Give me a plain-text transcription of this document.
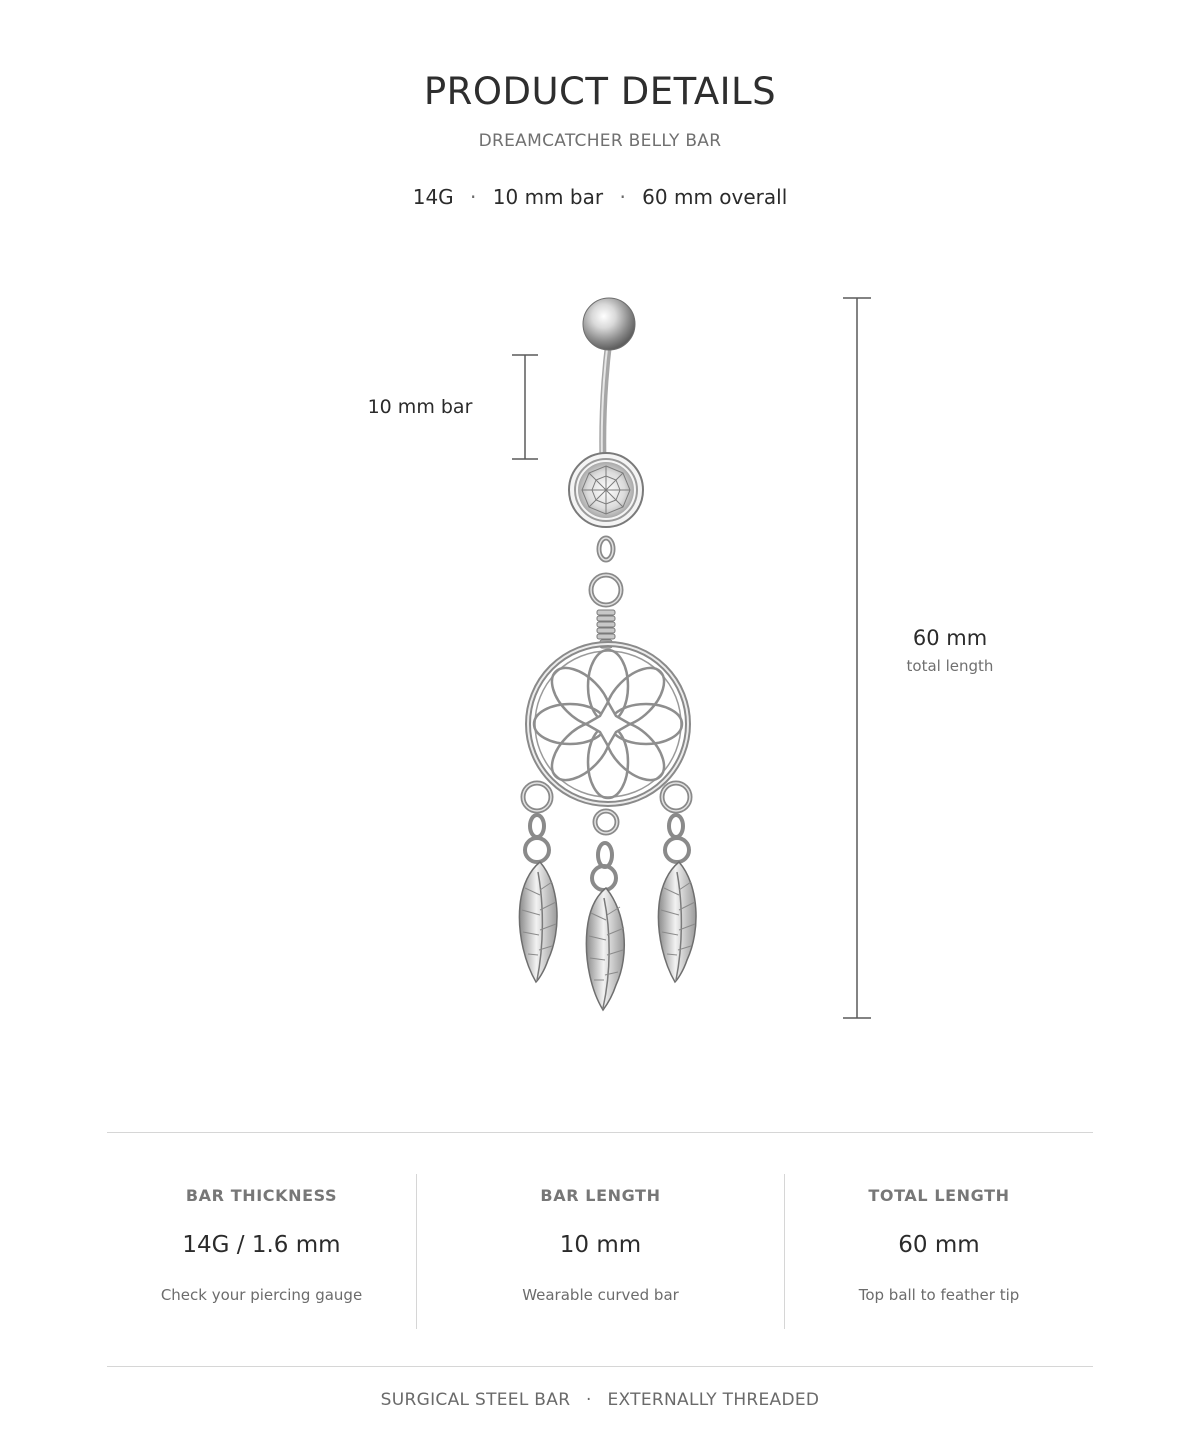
PRODUCT DETAILS
DREAMCATCHER BELLY BAR
14G · 10 mm bar · 60 mm overall
10 mm bar
60 mm
total length
BAR THICKNESS
14G / 1.6 mm
Check your piercing gauge
BAR LENGTH
10 mm
Wearable curved bar
TOTAL LENGTH
60 mm
Top ball to feather tip
SURGICAL STEEL BAR · EXTERNALLY THREADED
